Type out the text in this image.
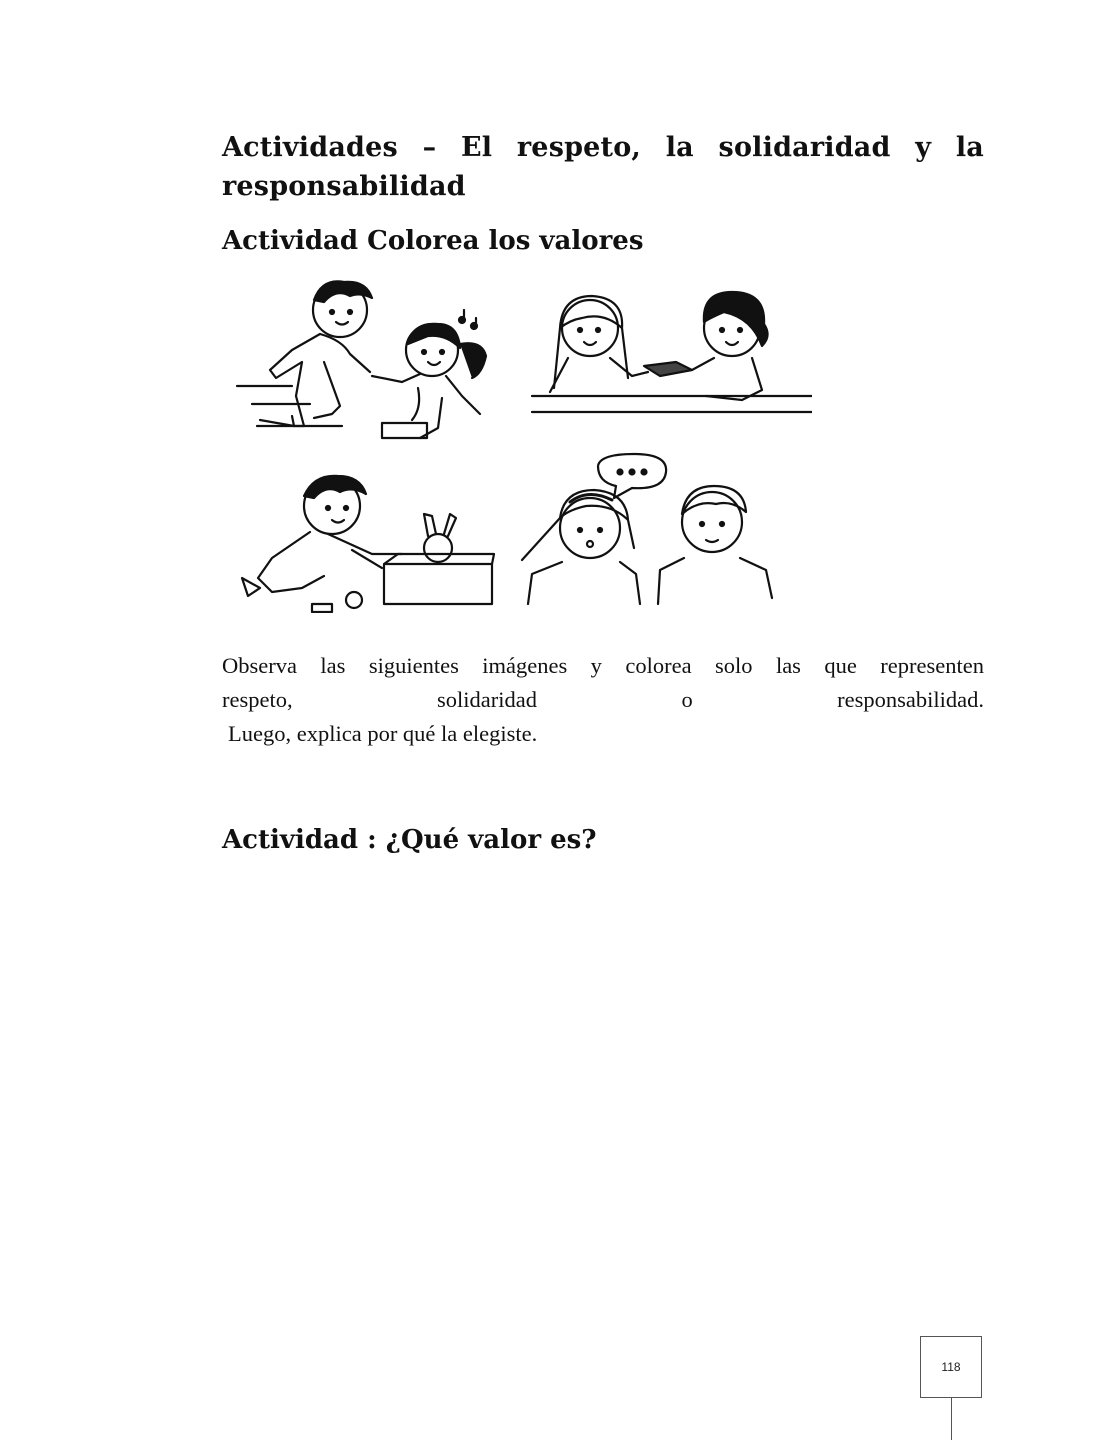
Actividades – El respeto, la solidaridad y la
responsabilidad
Actividad Colorea los valores

Observa las siguientes imágenes y colorea solo las que representen
respeto, solidaridad o responsabilidad.
Luego, explica por qué la elegiste.

Actividad : ¿Qué valor es?
118
